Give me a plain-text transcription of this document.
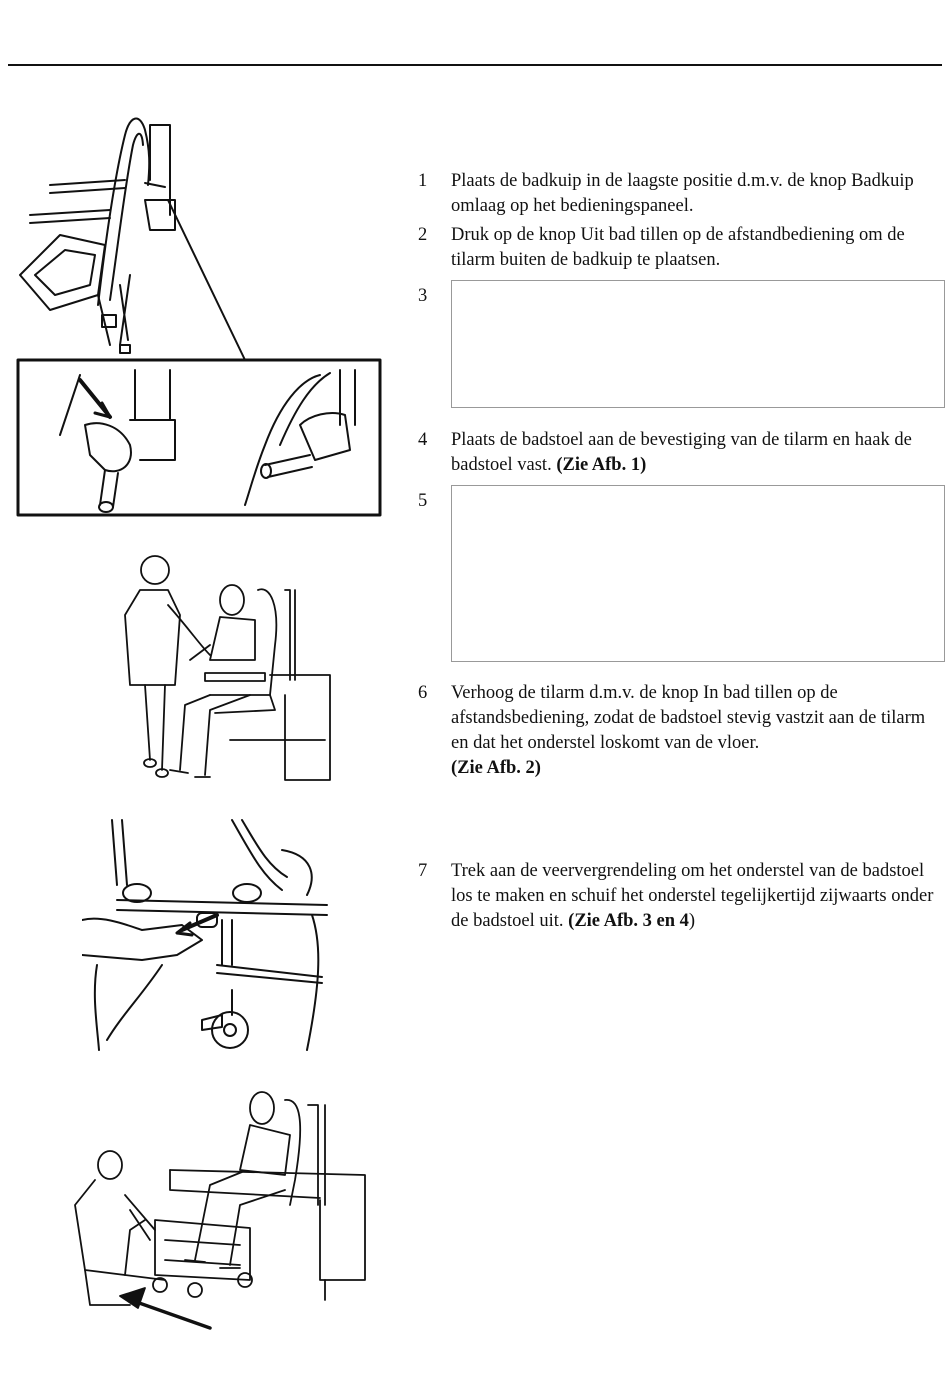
1	Plaats de badkuip in de laagste positie d.m.v. de knop Badkuip omlaag op het bedieningspaneel.
2	Druk op de knop Uit bad tillen op de afstandbediening om de tilarm buiten de badkuip te plaatsen.
3
4	Plaats de badstoel aan de bevestiging van de tilarm en haak de badstoel vast. (Zie Afb. 1)
5
6	Verhoog de tilarm d.m.v. de knop In bad tillen op de afstandsbediening, zodat de badstoel stevig vastzit aan de tilarm en dat het onderstel loskomt van de vloer.
(Zie Afb. 2)
7	Trek aan de veervergrendeling om het onderstel van de badstoel los te maken en schuif het onderstel tegelijkertijd zijwaarts onder de badstoel uit. (Zie Afb. 3 en 4)
